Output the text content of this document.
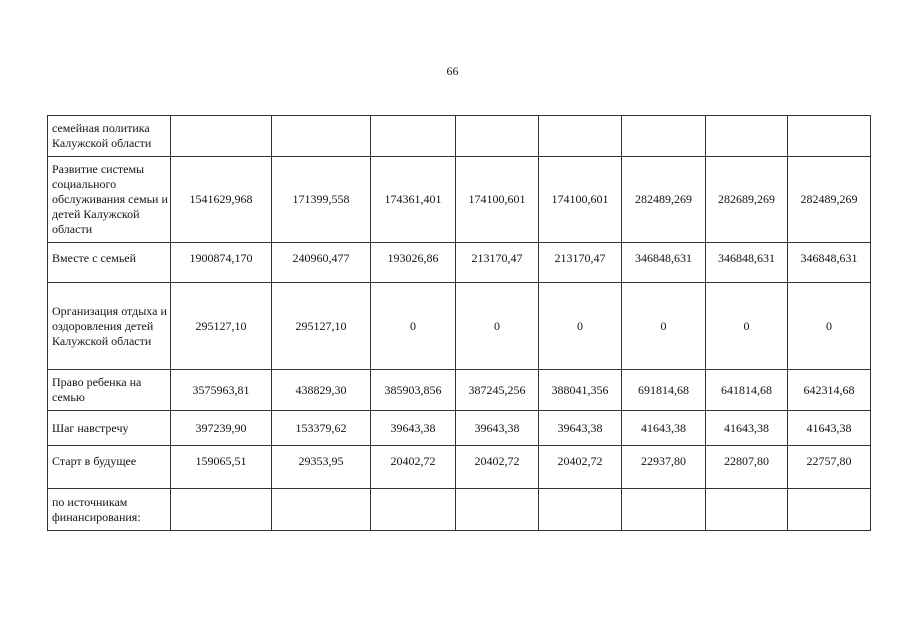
66
семейная политика Калужской области								
Развитие системы социального обслуживания семьи и детей Калужской области	1541629,968	171399,558	174361,401	174100,601	174100,601	282489,269	282689,269	282489,269
Вместе с семьей	1900874,170	240960,477	193026,86	213170,47	213170,47	346848,631	346848,631	346848,631
Организация отдыха и оздоровления детей Калужской области	295127,10	295127,10	0	0	0	0	0	0
Право ребенка на семью	3575963,81	438829,30	385903,856	387245,256	388041,356	691814,68	641814,68	642314,68
Шаг навстречу	397239,90	153379,62	39643,38	39643,38	39643,38	41643,38	41643,38	41643,38
Старт в будущее	159065,51	29353,95	20402,72	20402,72	20402,72	22937,80	22807,80	22757,80
по источникам финансирования:								
